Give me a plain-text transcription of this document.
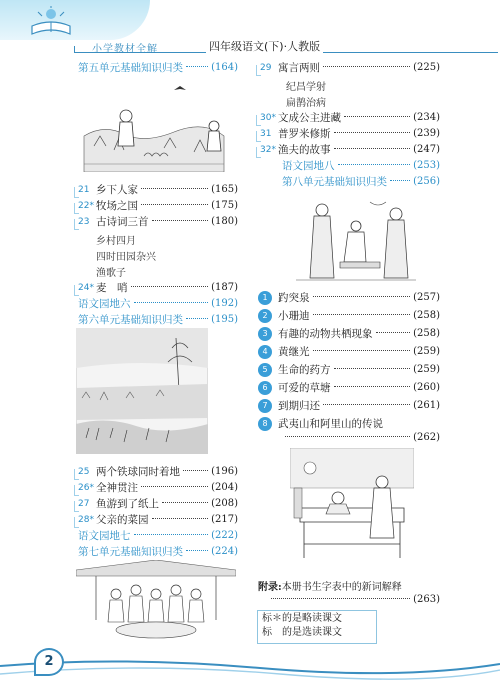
小学教材全解	四年级语文(下)·人教版
第五单元基础知识归类	(164)
21 乡下人家	(165)
22* 牧场之国	(175)
23 古诗词三首	(180)
乡村四月
四时田园杂兴
渔歌子
24* 麦　哨	(187)
语文园地六	(192)
第六单元基础知识归类	(195)
25 两个铁球同时着地	(196)
26* 全神贯注	(204)
27 鱼游到了纸上	(208)
28* 父亲的菜园	(217)
语文园地七	(222)
第七单元基础知识归类	(224)
29 寓言两则	(225)
纪昌学射
扁鹊治病
30* 文成公主进藏	(234)
31 普罗米修斯	(239)
32* 渔夫的故事	(247)
语文园地八	(253)
第八单元基础知识归类	(256)
1 趵突泉	(257)
2 小珊迪	(258)
3 有趣的动物共栖现象	(258)
4 黄继光	(259)
5 生命的药方	(259)
6 可爱的草塘	(260)
7 到期归还	(261)
8 武夷山和阿里山的传说
(262)
附录:本册书生字表中的新词解释
(263)
标＊的是略读课文
标　的是选读课文
2
